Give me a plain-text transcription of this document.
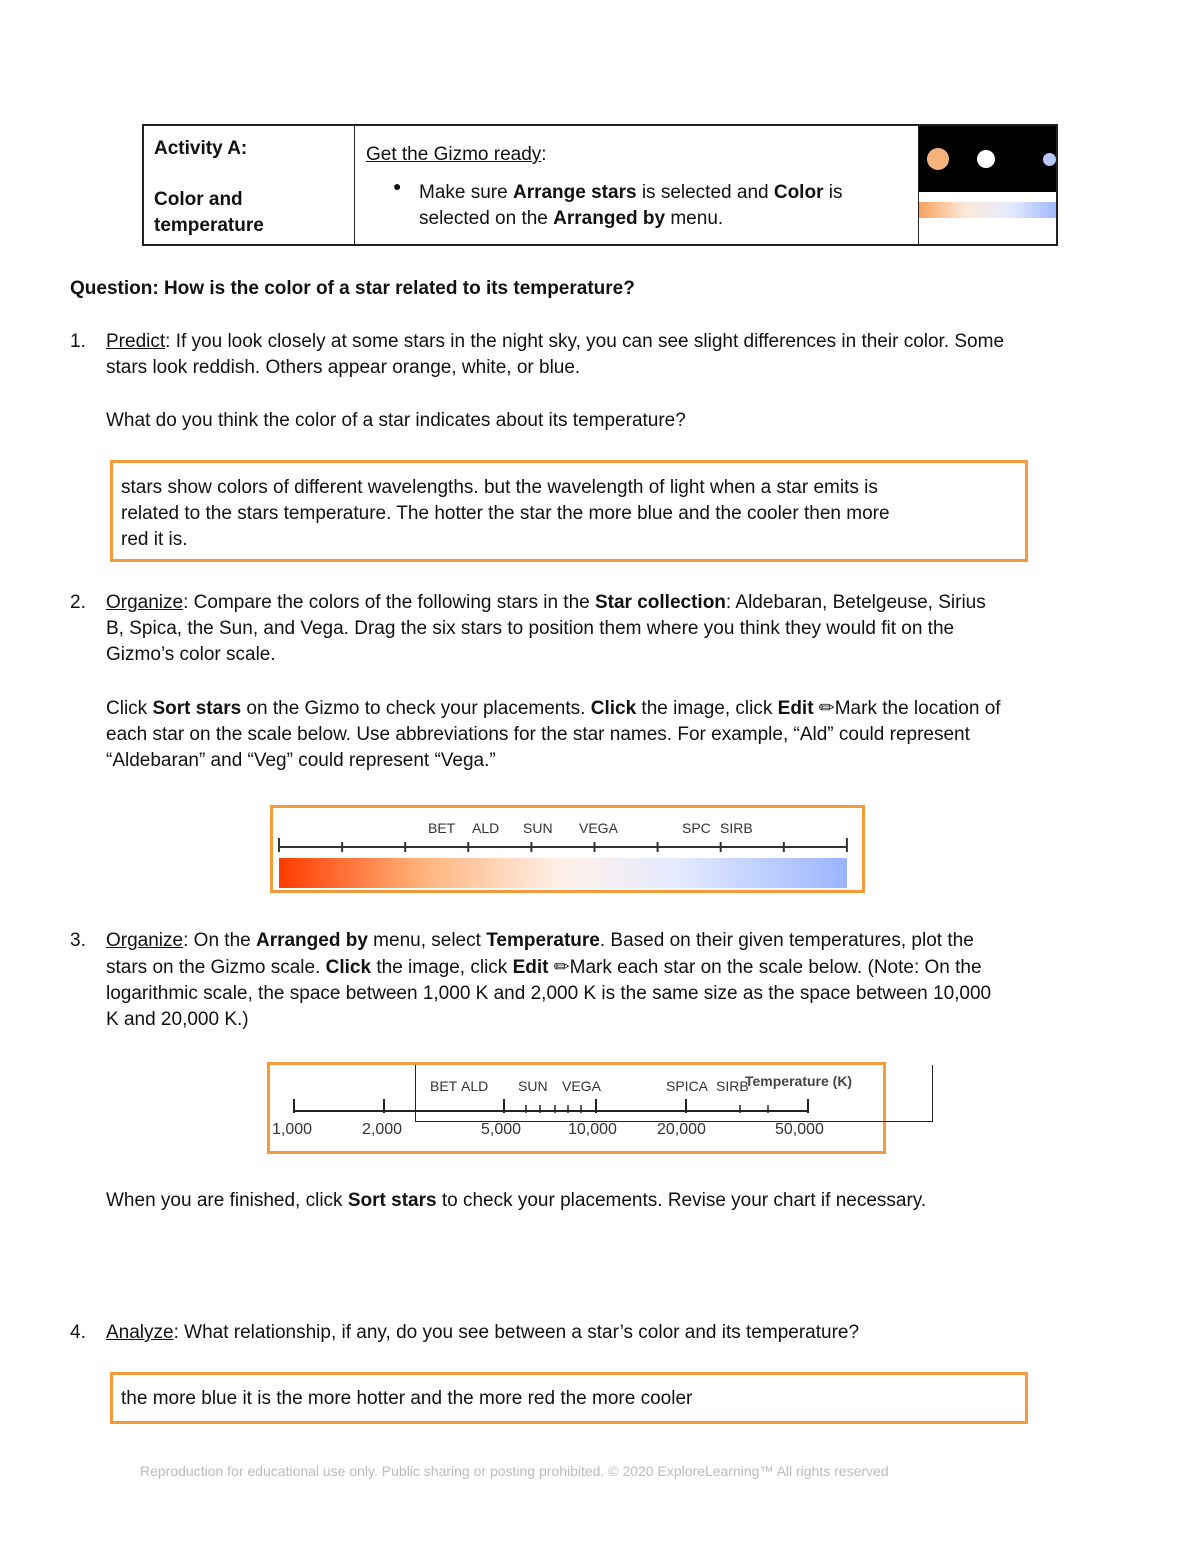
Activity A:
Color and
temperature
Get the Gizmo ready:
● Make sure Arrange stars is selected and Color is
selected on the Arranged by menu.
Question: How is the color of a star related to its temperature?
1. Predict: If you look closely at some stars in the night sky, you can see slight differences in their color. Some
stars look reddish. Others appear orange, white, or blue.
What do you think the color of a star indicates about its temperature?
stars show colors of different wavelengths. but the wavelength of light when a star emits is
related to the stars temperature. The hotter the star the more blue and the cooler then more
red it is.
2. Organize: Compare the colors of the following stars in the Star collection: Aldebaran, Betelgeuse, Sirius
B, Spica, the Sun, and Vega. Drag the six stars to position them where you think they would fit on the
Gizmo’s color scale.
Click Sort stars on the Gizmo to check your placements. Click the image, click Edit ✏Mark the location of
each star on the scale below. Use abbreviations for the star names. For example, “Ald” could represent
“Aldebaran” and “Veg” could represent “Vega.”
BET ALD SUN VEGA	SPC SIRB
3. Organize: On the Arranged by menu, select Temperature. Based on their given temperatures, plot the
stars on the Gizmo scale. Click the image, click Edit ✏Mark each star on the scale below. (Note: On the
logarithmic scale, the space between 1,000 K and 2,000 K is the same size as the space between 10,000
K and 20,000 K.)
Temperature (K)
BET ALD SUN VEGA	SPICA SIRB
1,000	2,000	5,000	10,000	20,000	50,000
When you are finished, click Sort stars to check your placements. Revise your chart if necessary.
4. Analyze: What relationship, if any, do you see between a star’s color and its temperature?
the more blue it is the more hotter and the more red the more cooler
Reproduction for educational use only. Public sharing or posting prohibited. © 2020 ExploreLearning™ All rights reserved
